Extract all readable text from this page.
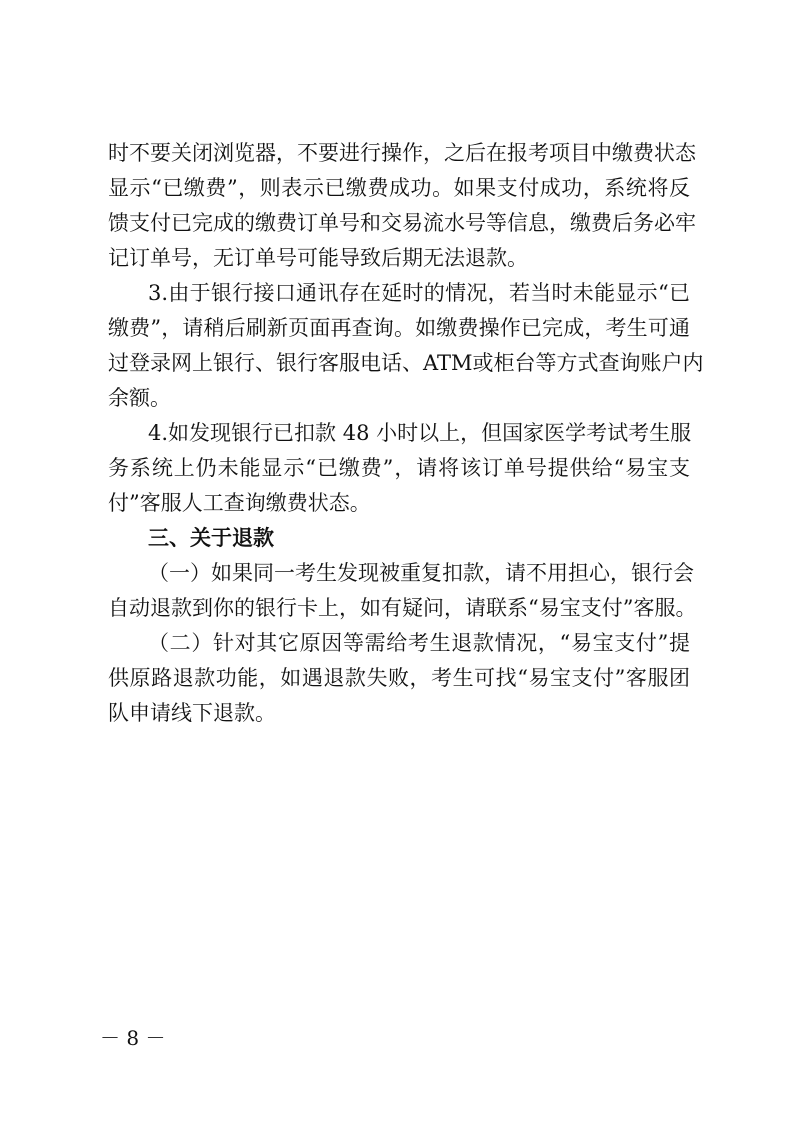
时不要关闭浏览器，不要进行操作，之后在报考项目中缴费状态
显示“已缴费”，则表示已缴费成功。如果支付成功，系统将反
馈支付已完成的缴费订单号和交易流水号等信息，缴费后务必牢
记订单号，无订单号可能导致后期无法退款。
3.由于银行接口通讯存在延时的情况，若当时未能显示“已
缴费”，请稍后刷新页面再查询。如缴费操作已完成，考生可通
过登录网上银行、银行客服电话、ATM或柜台等方式查询账户内
余额。
4.如发现银行已扣款 48 小时以上，但国家医学考试考生服
务系统上仍未能显示“已缴费”，请将该订单号提供给“易宝支
付”客服人工查询缴费状态。
三、关于退款
（一）如果同一考生发现被重复扣款，请不用担心，银行会
自动退款到你的银行卡上，如有疑问，请联系“易宝支付”客服。
（二）针对其它原因等需给考生退款情况，“易宝支付”提
供原路退款功能，如遇退款失败，考生可找“易宝支付”客服团
队申请线下退款。
－ 8 －
